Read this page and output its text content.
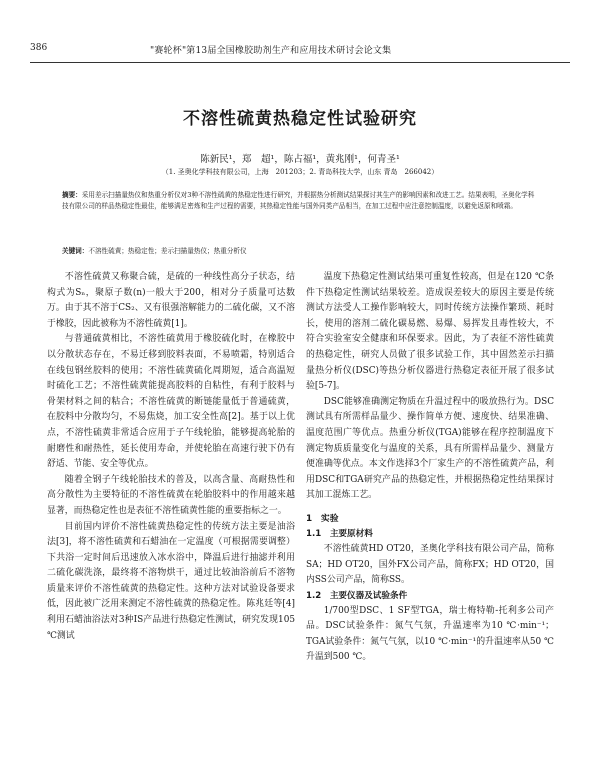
386	"赛轮杯"第13届全国橡胶助剂生产和应用技术研讨会论文集
不溶性硫黄热稳定性试验研究
陈新民¹，郑　超¹，陈占福¹，黄兆刚¹，何青圣¹
（1. 圣奥化学科技有限公司，上海　201203；2. 青岛科技大学，山东 青岛　266042）
摘要：采用差示扫描量热仪和热重分析仪对3种不溶性硫黄的热稳定性进行研究，并根据热分析测试结果探讨其生产的影响因素和改进工艺。结果表明，圣奥化学科技有限公司的样品热稳定性最佳，能够满足密炼和生产过程的需要，其热稳定性能与国外同类产品相当，在加工过程中应注意控制温度，以避免返原和喷霜。
关键词：不溶性硫黄；热稳定性；差示扫描量热仪；热重分析仪

不溶性硫黄又称聚合硫，是硫的一种线性高分子状态，结构式为Sₙ，聚原子数(n)一般大于200，相对分子质量可达数万。由于其不溶于CS₂、又有很强溶解能力的二硫化碳，又不溶于橡胶，因此被称为不溶性硫黄[1]。

与普通硫黄相比，不溶性硫黄用于橡胶硫化时，在橡胶中以分散状态存在，不易迁移到胶料表面，不易喷霜，特别适合在线包钢丝胶料的使用；不溶性硫黄硫化周期短，适合高温短时硫化工艺；不溶性硫黄能提高胶料的自粘性，有利于胶料与骨架材料之间的粘合；不溶性硫黄的断链能量低于普通硫黄，在胶料中分散均匀，不易焦烧，加工安全性高[2]。基于以上优点，不溶性硫黄非常适合应用于子午线轮胎，能够提高轮胎的耐磨性和耐热性，延长使用寿命，并使轮胎在高速行驶下仍有舒适、节能、安全等优点。

随着全钢子午线轮胎技术的普及，以高含量、高耐热性和高分散性为主要特征的不溶性硫黄在轮胎胶料中的作用越来越显著，而热稳定性也是表征不溶性硫黄性能的重要指标之一。

目前国内评价不溶性硫黄热稳定性的传统方法主要是油浴法[3]，将不溶性硫黄和石蜡油在一定温度（可根据需要调整）下共浴一定时间后迅速放入冰水浴中，降温后进行抽滤并利用二硫化碳洗涤，最终将不溶物烘干，通过比较油浴前后不溶物质量来评价不溶性硫黄的热稳定性。这种方法对试验设备要求低，因此被广泛用来测定不溶性硫黄的热稳定性。陈兆廷等[4]利用石蜡油浴法对3种IS产品进行热稳定性测试，研究发现105 ℃测试

温度下热稳定性测试结果可重复性较高，但是在120 ℃条件下热稳定性测试结果较差。造成误差较大的原因主要是传统测试方法受人工操作影响较大，同时传统方法操作繁琐、耗时长，使用的溶剂二硫化碳易燃、易爆、易挥发且毒性较大，不符合实验室安全健康和环保要求。因此，为了表征不溶性硫黄的热稳定性，研究人员做了很多试验工作，其中固然差示扫描量热分析仪(DSC)等热分析仪器进行热稳定表征开展了很多试验[5-7]。

DSC能够准确测定物质在升温过程中的吸放热行为。DSC测试具有所需样品量少、操作简单方便、速度快、结果准确、温度范围广等优点。热重分析仪(TGA)能够在程序控制温度下测定物质质量变化与温度的关系，具有所需样品量少、测量方便准确等优点。本文作选择3个厂家生产的不溶性硫黄产品，利用DSC和TGA研究产品的热稳定性，并根据热稳定性结果探讨其加工混炼工艺。

1　实验
1.1　主要原材料

不溶性硫黄HD OT20，圣奥化学科技有限公司产品，简称SA；HD OT20，国外FX公司产品，简称FX；HD OT20，国内SS公司产品，简称SS。

1.2　主要仪器及试验条件

1/700型DSC、1 SF型TGA，瑞士梅特勒-托利多公司产品。DSC试验条件：氮气气氛，升温速率为10 ℃·min⁻¹；TGA试验条件：氮气气氛，以10 ℃·min⁻¹的升温速率从50 ℃升温到500 ℃。
